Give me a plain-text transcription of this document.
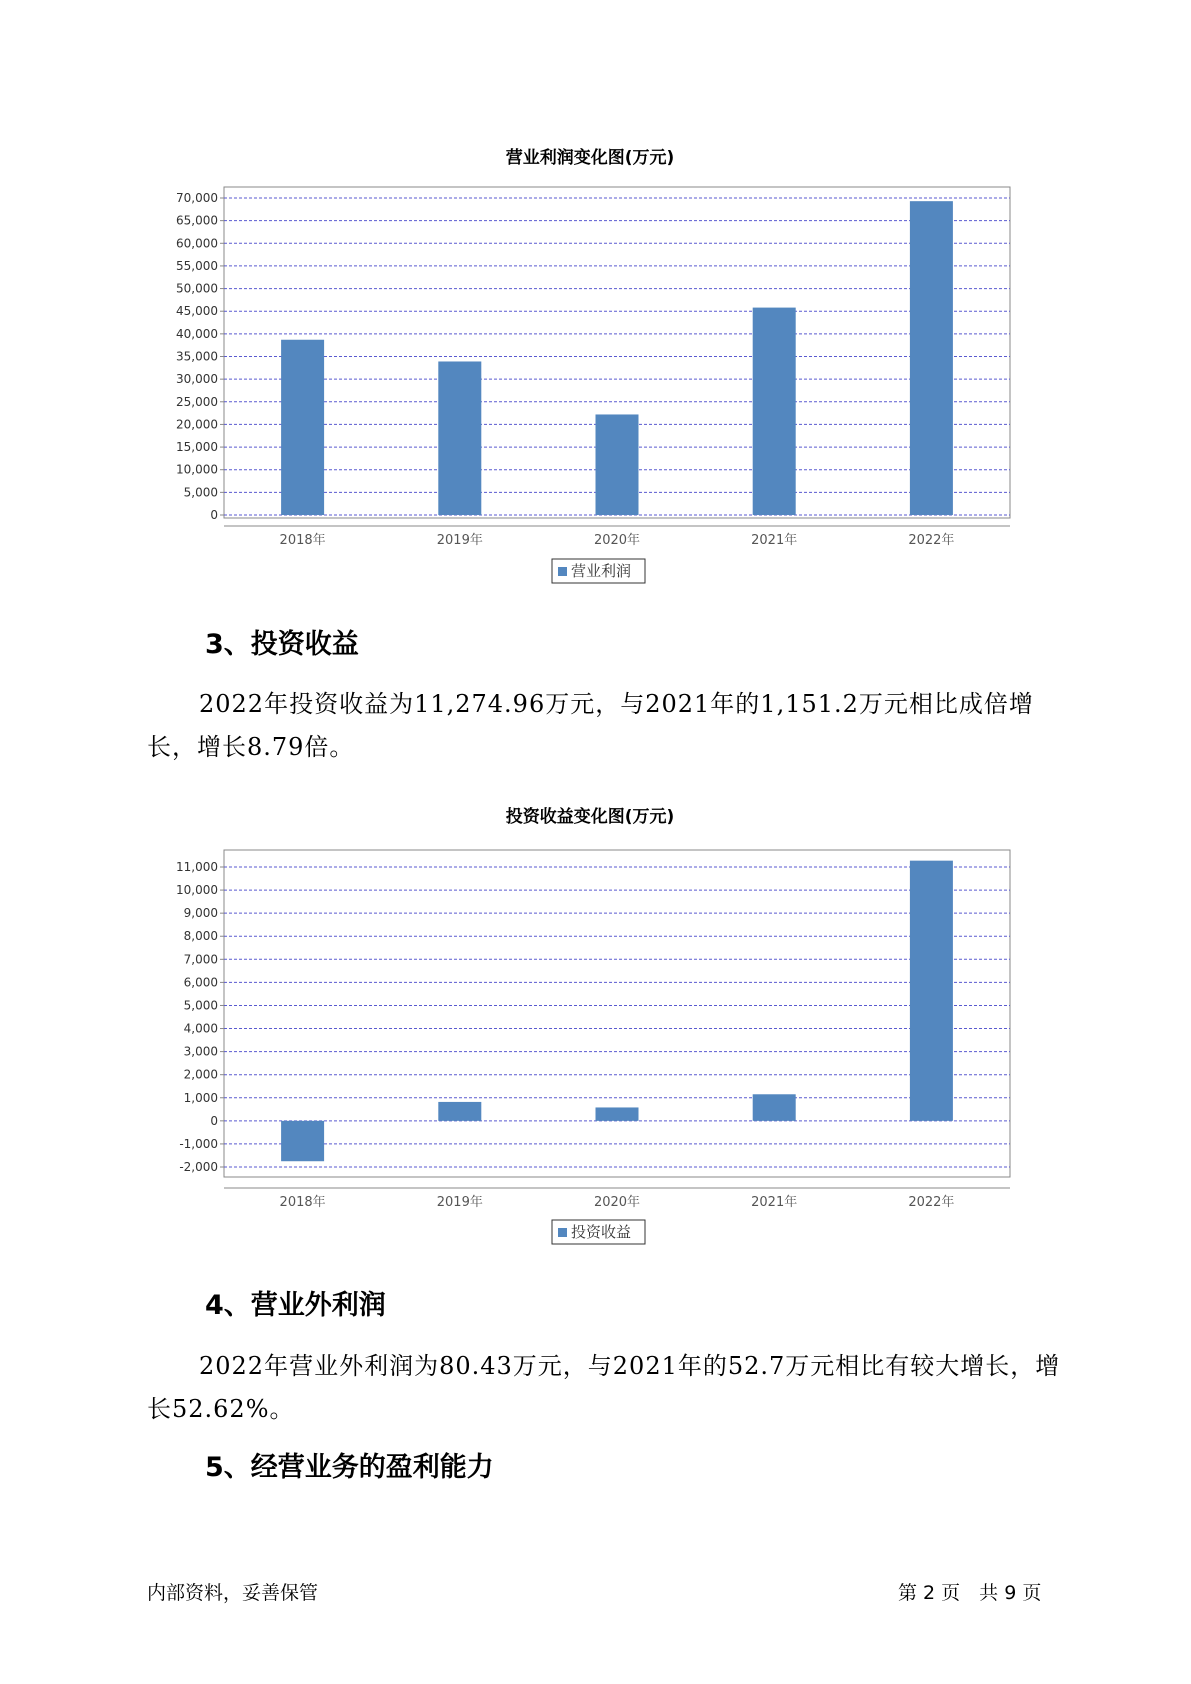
营业利润变化图(万元)
0
5,000
10,000
15,000
20,000
25,000
30,000
35,000
40,000
45,000
50,000
55,000
60,000
65,000
70,000
2018年	2019年	2020年	2021年	2022年
营业利润
3、投资收益
2022年投资收益为11,274.96万元，与2021年的1,151.2万元相比成倍增长，增长8.79倍。
投资收益变化图(万元)
-2,000
-1,000
0
1,000
2,000
3,000
4,000
5,000
6,000
7,000
8,000
9,000
10,000
11,000
2018年	2019年	2020年	2021年	2022年
投资收益
4、营业外利润
2022年营业外利润为80.43万元，与2021年的52.7万元相比有较大增长，增长52.62%。
5、经营业务的盈利能力
内部资料，妥善保管	第 2 页　共 9 页
